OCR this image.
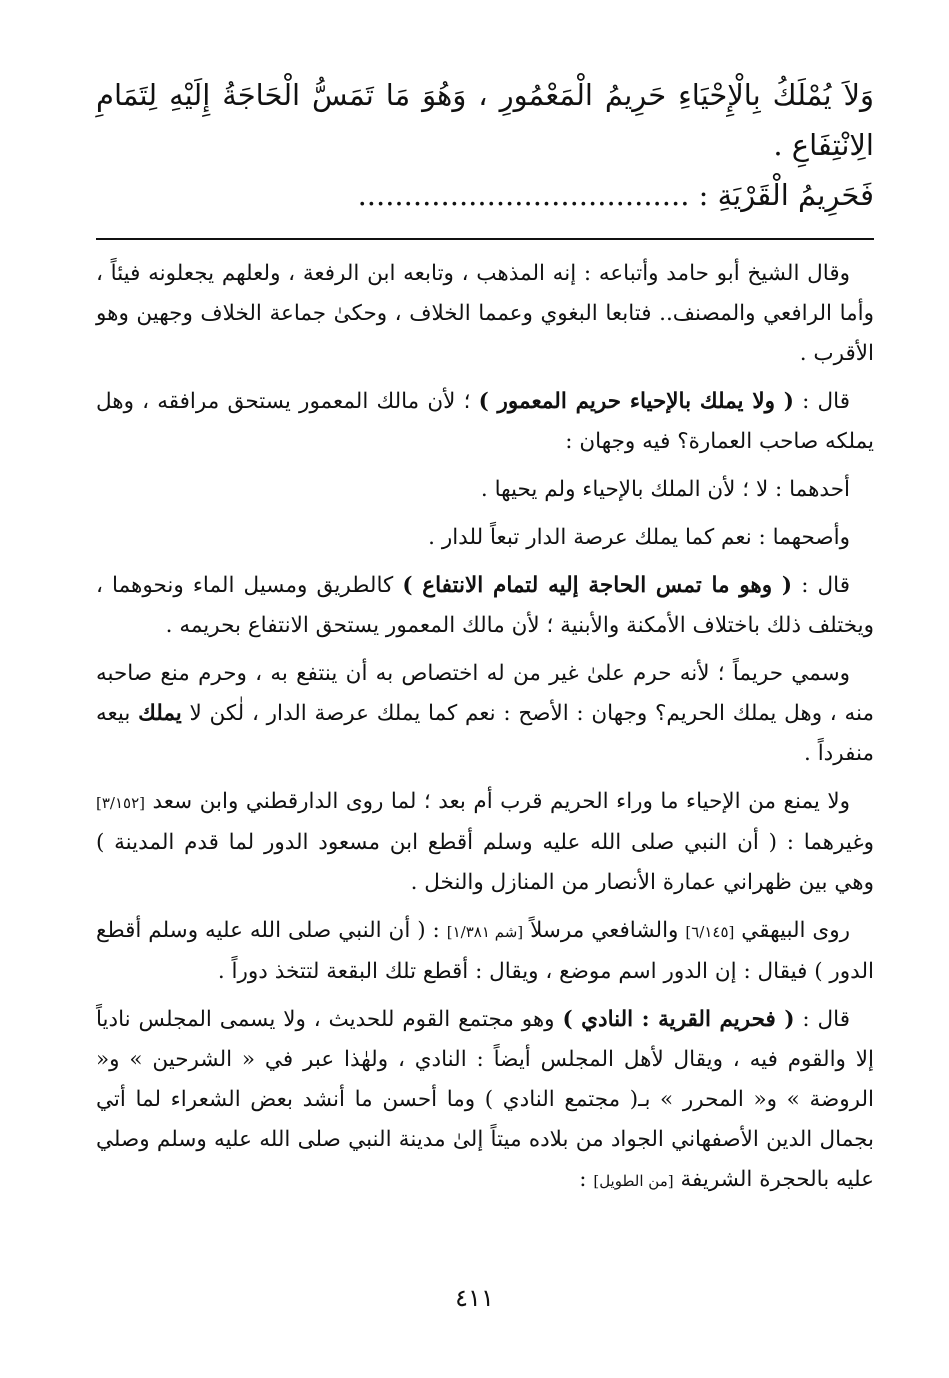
وَلاَ يُمْلَكُ بِالْإِحْيَاءِ حَرِيمُ الْمَعْمُورِ ، وَهُوَ مَا تَمَسُّ الْحَاجَةُ إِلَيْهِ لِتَمَامِ الِانْتِفَاعِ .
فَحَرِيمُ الْقَرْيَةِ : ....................................

وقال الشيخ أبو حامد وأتباعه : إنه المذهب ، وتابعه ابن الرفعة ، ولعلهم يجعلونه فيئاً ، وأما الرافعي والمصنف.. فتابعا البغوي وعمما الخلاف ، وحكىٰ جماعة الخلاف وجهين وهو الأقرب .

قال : ( ولا يملك بالإحياء حريم المعمور ) ؛ لأن مالك المعمور يستحق مرافقه ، وهل يملكه صاحب العمارة؟ فيه وجهان :

أحدهما : لا ؛ لأن الملك بالإحياء ولم يحيها .

وأصحهما : نعم كما يملك عرصة الدار تبعاً للدار .

قال : ( وهو ما تمس الحاجة إليه لتمام الانتفاع ) كالطريق ومسيل الماء ونحوهما ، ويختلف ذلك باختلاف الأمكنة والأبنية ؛ لأن مالك المعمور يستحق الانتفاع بحريمه .

وسمي حريماً ؛ لأنه حرم علىٰ غير من له اختصاص به أن ينتفع به ، وحرم منع صاحبه منه ، وهل يملك الحريم؟ وجهان : الأصح : نعم كما يملك عرصة الدار ، لٰكن لا يملك بيعه منفرداً .

ولا يمنع من الإحياء ما وراء الحريم قرب أم بعد ؛ لما روى الدارقطني وابن سعد [٣/١٥٢] وغيرهما : ( أن النبي صلى الله عليه وسلم أقطع ابن مسعود الدور لما قدم المدينة ) وهي بين ظهراني عمارة الأنصار من المنازل والنخل .

روى البيهقي [٦/١٤٥] والشافعي مرسلاً [شم ١/٣٨١] : ( أن النبي صلى الله عليه وسلم أقطع الدور ) فيقال : إن الدور اسم موضع ، ويقال : أقطع تلك البقعة لتتخذ دوراً .

قال : ( فحريم القرية : النادي ) وهو مجتمع القوم للحديث ، ولا يسمى المجلس نادياً إلا والقوم فيه ، ويقال لأهل المجلس أيضاً : النادي ، ولهٰذا عبر في « الشرحين » و« الروضة » و« المحرر » بـ( مجتمع النادي ) وما أحسن ما أنشد بعض الشعراء لما أتي بجمال الدين الأصفهاني الجواد من بلاده ميتاً إلىٰ مدينة النبي صلى الله عليه وسلم وصلي عليه بالحجرة الشريفة [من الطويل] :

٤١١
